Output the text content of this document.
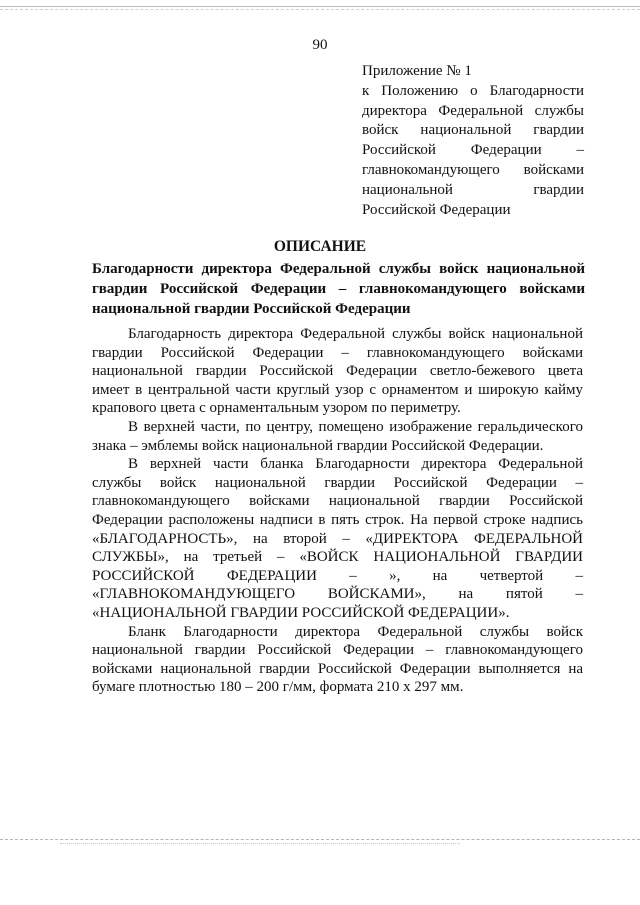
90
Приложение № 1
к Положению о Благодарности
директора Федеральной службы
войск национальной гвардии
Российской Федерации –
главнокомандующего войсками
национальной гвардии
Российской Федерации
ОПИСАНИЕ
Благодарности директора Федеральной службы войск национальной
гвардии Российской Федерации – главнокомандующего войсками
национальной гвардии Российской Федерации
Благодарность директора Федеральной службы войск национальной
гвардии Российской Федерации – главнокомандующего войсками
национальной гвардии Российской Федерации светло-бежевого цвета
имеет в центральной части круглый узор с орнаментом и широкую кайму
крапового цвета с орнаментальным узором по периметру.
В верхней части, по центру, помещено изображение геральдического
знака – эмблемы войск национальной гвардии Российской Федерации.
В верхней части бланка Благодарности директора Федеральной
службы войск национальной гвардии Российской Федерации –
главнокомандующего войсками национальной гвардии Российской
Федерации расположены надписи в пять строк. На первой строке надпись
«БЛАГОДАРНОСТЬ», на второй – «ДИРЕКТОРА ФЕДЕРАЛЬНОЙ
СЛУЖБЫ», на третьей – «ВОЙСК НАЦИОНАЛЬНОЙ ГВАРДИИ
РОССИЙСКОЙ ФЕДЕРАЦИИ – », на четвертой –
«ГЛАВНОКОМАНДУЮЩЕГО ВОЙСКАМИ», на пятой –
«НАЦИОНАЛЬНОЙ ГВАРДИИ РОССИЙСКОЙ ФЕДЕРАЦИИ».
Бланк Благодарности директора Федеральной службы войск
национальной гвардии Российской Федерации – главнокомандующего
войсками национальной гвардии Российской Федерации выполняется на
бумаге плотностью 180 – 200 г/мм, формата 210 х 297 мм.
